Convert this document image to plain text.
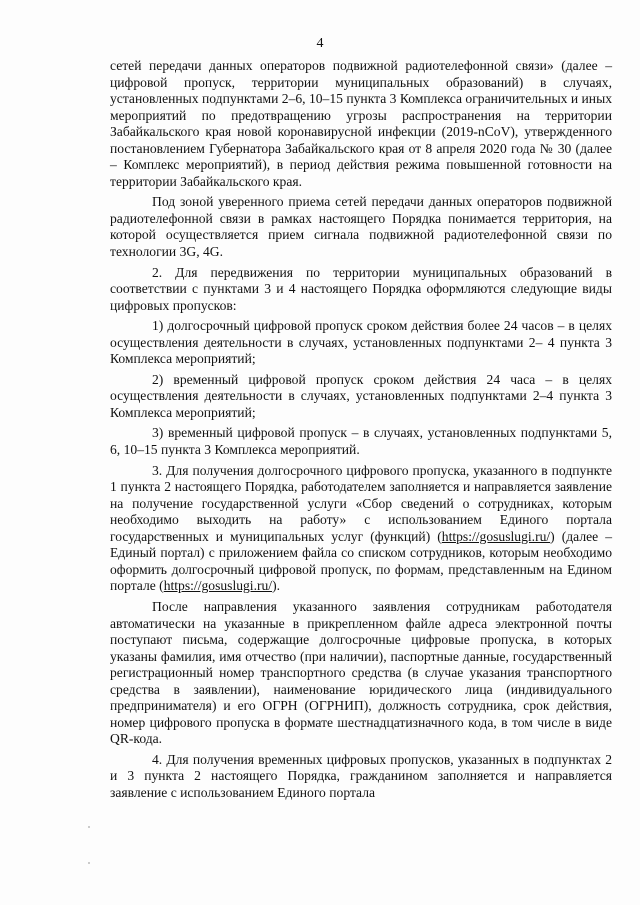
4

сетей передачи данных операторов подвижной радиотелефонной связи» (далее – цифровой пропуск, территории муниципальных образований) в случаях, установленных подпунктами 2–6, 10–15 пункта 3 Комплекса ограничительных и иных мероприятий по предотвращению угрозы распространения на территории Забайкальского края новой коронавирусной инфекции (2019-nCoV), утвержденного постановлением Губернатора Забайкальского края от 8 апреля 2020 года № 30 (далее – Комплекс мероприятий), в период действия режима повышенной готовности на территории Забайкальского края.

Под зоной уверенного приема сетей передачи данных операторов подвижной радиотелефонной связи в рамках настоящего Порядка понимается территория, на которой осуществляется прием сигнала подвижной радиотелефонной связи по технологии 3G, 4G.

2. Для передвижения по территории муниципальных образований в соответствии с пунктами 3 и 4 настоящего Порядка оформляются следующие виды цифровых пропусков:

1) долгосрочный цифровой пропуск сроком действия более 24 часов – в целях осуществления деятельности в случаях, установленных подпунктами 2– 4 пункта 3 Комплекса мероприятий;

2) временный цифровой пропуск сроком действия 24 часа – в целях осуществления деятельности в случаях, установленных подпунктами 2–4 пункта 3 Комплекса мероприятий;

3) временный цифровой пропуск – в случаях, установленных подпунктами 5, 6, 10–15 пункта 3 Комплекса мероприятий.

3. Для получения долгосрочного цифрового пропуска, указанного в подпункте 1 пункта 2 настоящего Порядка, работодателем заполняется и направляется заявление на получение государственной услуги «Сбор сведений о сотрудниках, которым необходимо выходить на работу» с использованием Единого портала государственных и муниципальных услуг (функций) (https://gosuslugi.ru/) (далее – Единый портал) с приложением файла со списком сотрудников, которым необходимо оформить долгосрочный цифровой пропуск, по формам, представленным на Едином портале (https://gosuslugi.ru/).

После направления указанного заявления сотрудникам работодателя автоматически на указанные в прикрепленном файле адреса электронной почты поступают письма, содержащие долгосрочные цифровые пропуска, в которых указаны фамилия, имя отчество (при наличии), паспортные данные, государственный регистрационный номер транспортного средства (в случае указания транспортного средства в заявлении), наименование юридического лица (индивидуального предпринимателя) и его ОГРН (ОГРНИП), должность сотрудника, срок действия, номер цифрового пропуска в формате шестнадцатизначного кода, в том числе в виде QR-кода.

4. Для получения временных цифровых пропусков, указанных в подпунктах 2 и 3 пункта 2 настоящего Порядка, гражданином заполняется и направляется заявление с использованием Единого портала
